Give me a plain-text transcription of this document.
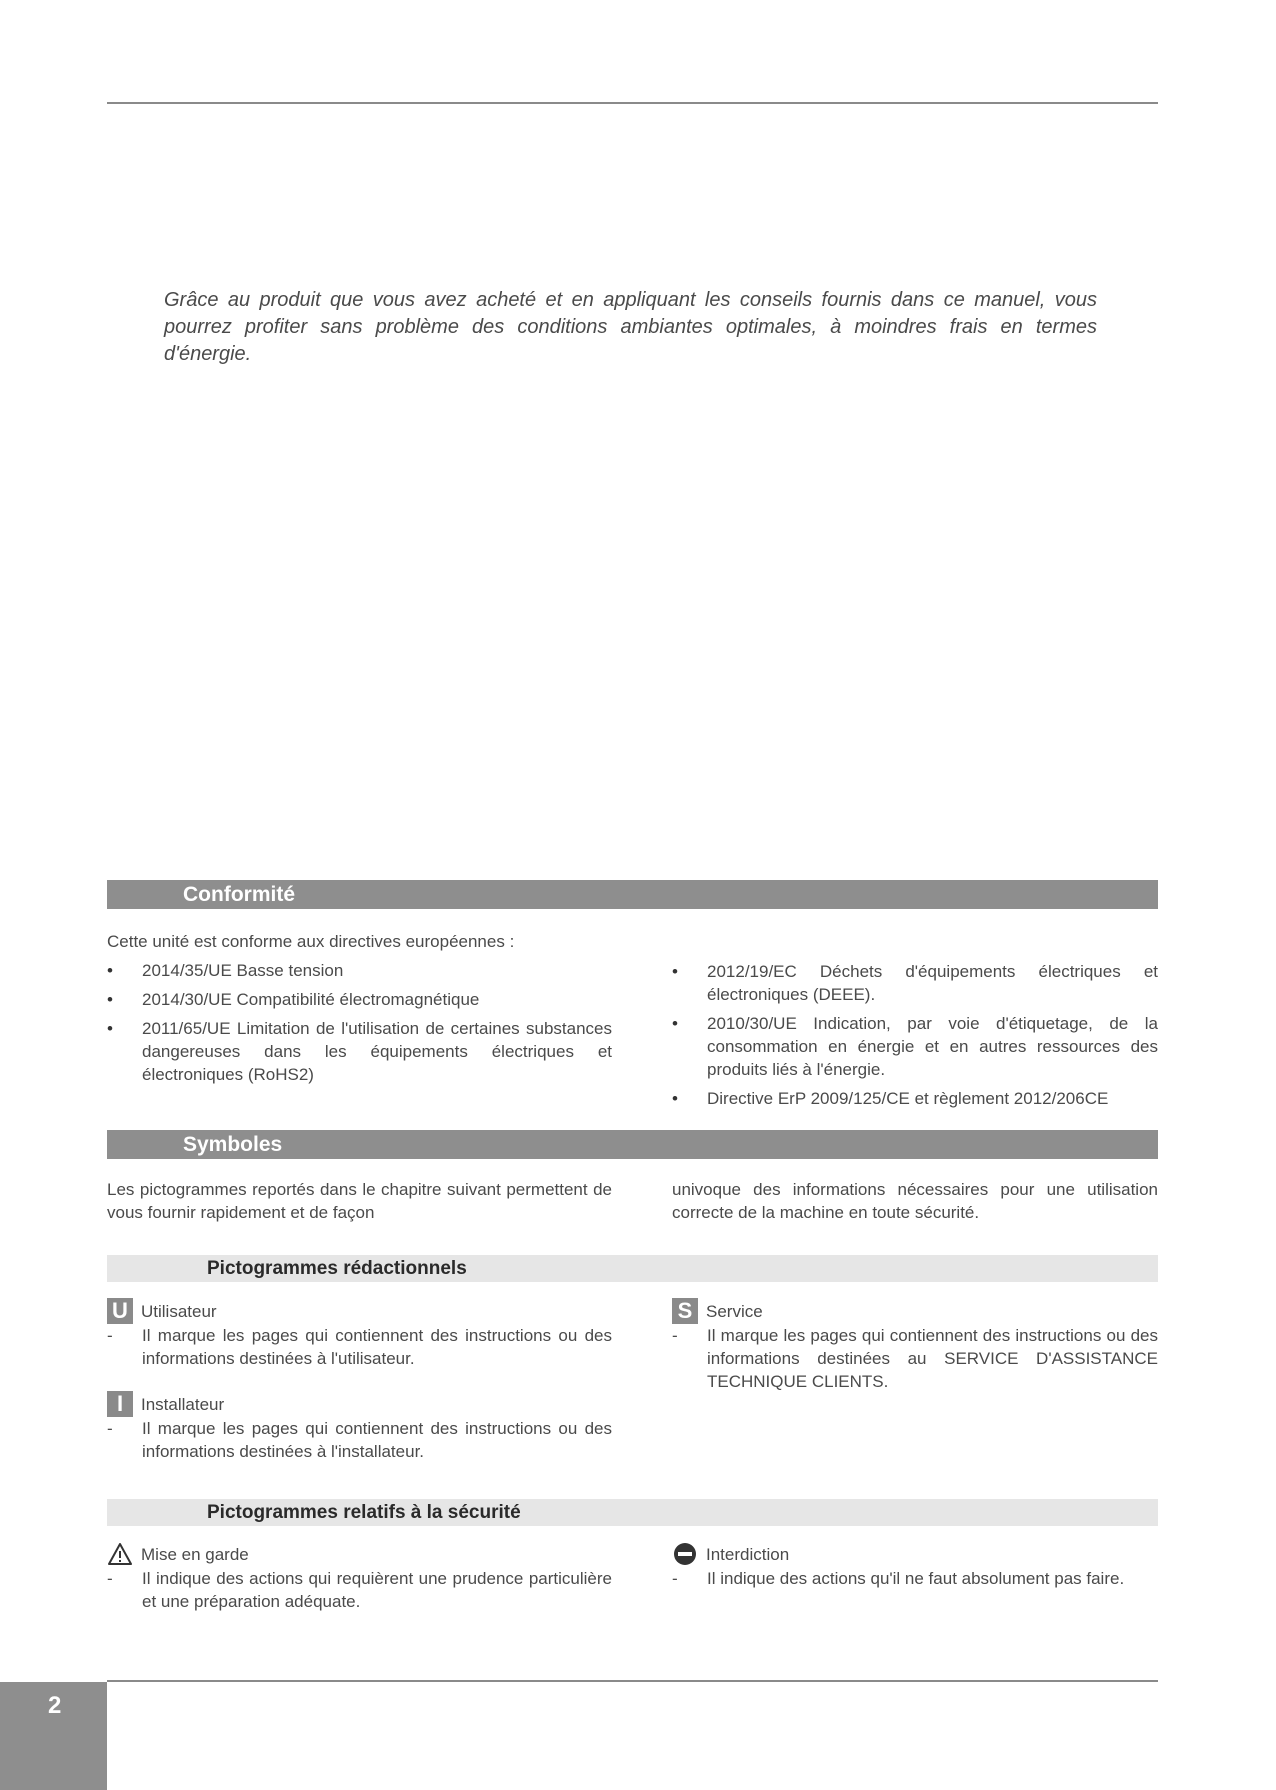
Grâce au produit que vous avez acheté et en appliquant les conseils fournis dans ce manuel, vous pourrez profiter sans problème des conditions ambiantes optimales, à moindres frais en termes d'énergie.

Conformité

Cette unité est conforme aux directives européennes :

• 2014/35/UE Basse tension
• 2014/30/UE Compatibilité électromagnétique
• 2011/65/UE Limitation de l'utilisation de certaines substances dangereuses dans les équipements électriques et électroniques (RoHS2)
• 2012/19/EC Déchets d'équipements électriques et électroniques (DEEE).
• 2010/30/UE Indication, par voie d'étiquetage, de la consommation en énergie et en autres ressources des produits liés à l'énergie.
• Directive ErP 2009/125/CE et règlement 2012/206CE
Symboles

Les pictogrammes reportés dans le chapitre suivant permettent de vous fournir rapidement et de façon

univoque des informations nécessaires pour une utilisation correcte de la machine en toute sécurité.

Pictogrammes rédactionnels
U Utilisateur
- Il marque les pages qui contiennent des instructions ou des informations destinées à l'utilisateur.
I	Installateur
- Il marque les pages qui contiennent des instructions ou des informations destinées à l'installateur.
S Service
- Il marque les pages qui contiennent des instructions ou des informations destinées au SERVICE D'ASSISTANCE TECHNIQUE CLIENTS.
Pictogrammes relatifs à la sécurité
Mise en garde
- Il indique des actions qui requièrent une prudence particulière et une préparation adéquate.
Interdiction
- Il indique des actions qu'il ne faut absolument pas faire.
2
